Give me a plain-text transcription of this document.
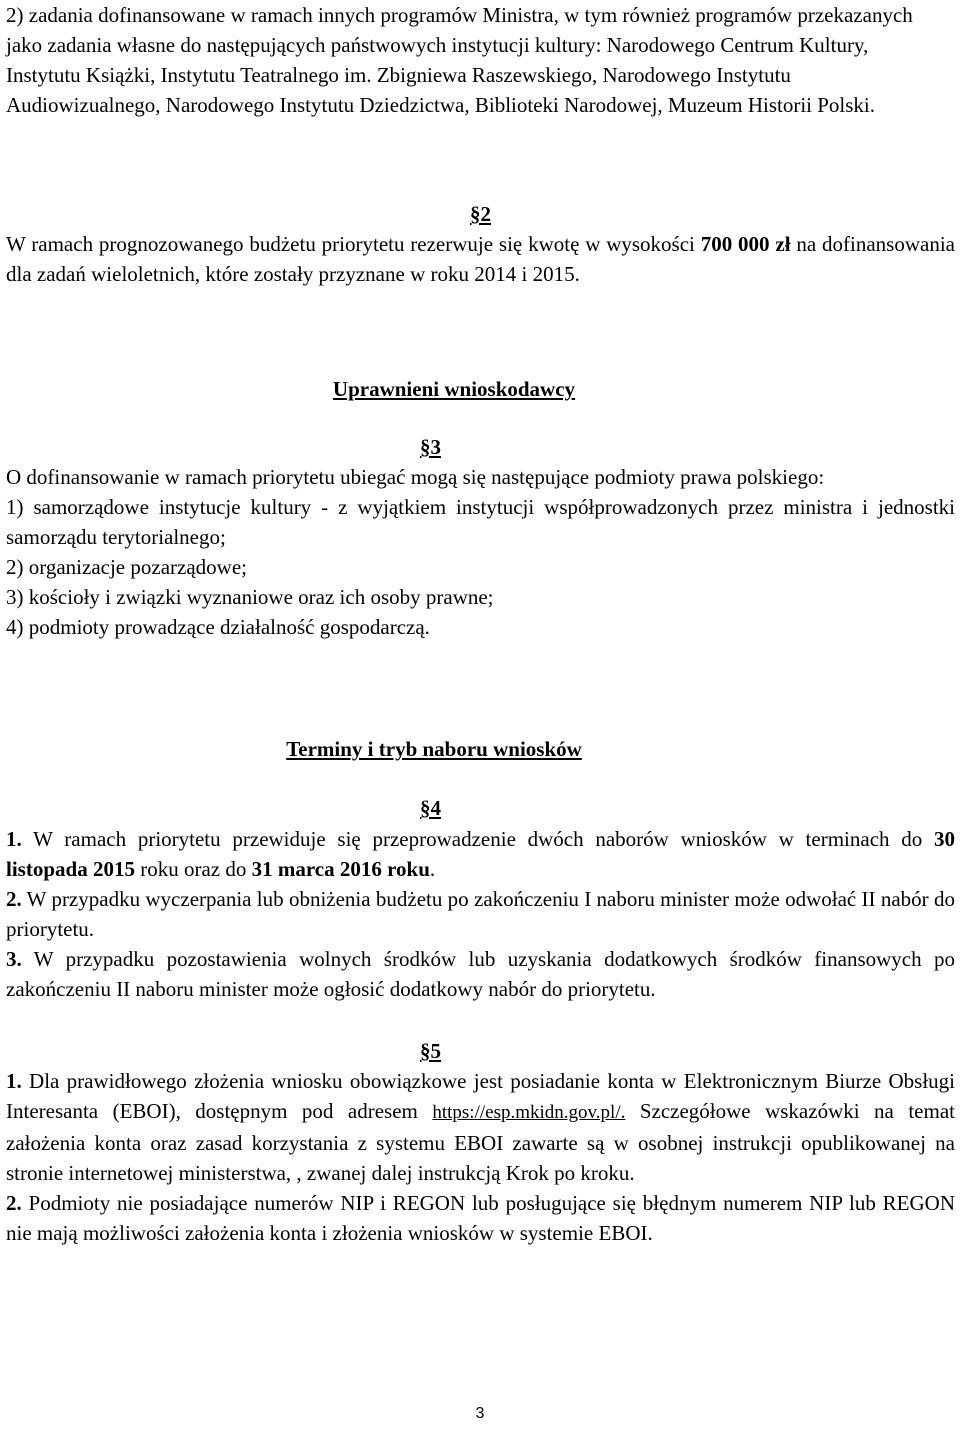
2) zadania dofinansowane w ramach innych programów Ministra, w tym również programów przekazanych jako zadania własne do następujących państwowych instytucji kultury: Narodowego Centrum Kultury, Instytutu Książki, Instytutu Teatralnego im. Zbigniewa Raszewskiego, Narodowego Instytutu Audiowizualnego, Narodowego Instytutu Dziedzictwa, Biblioteki Narodowej, Muzeum Historii Polski.

§2

W ramach prognozowanego budżetu priorytetu rezerwuje się kwotę w wysokości 700 000 zł na dofinansowania dla zadań wieloletnich, które zostały przyznane w roku 2014 i 2015.

Uprawnieni wnioskodawcy

§3

O dofinansowanie w ramach priorytetu ubiegać mogą się następujące podmioty prawa polskiego:

1) samorządowe instytucje kultury - z wyjątkiem instytucji współprowadzonych przez ministra i jednostki samorządu terytorialnego;

2) organizacje pozarządowe;

3) kościoły i związki wyznaniowe oraz ich osoby prawne;

4) podmioty prowadzące działalność gospodarczą.

Terminy i tryb naboru wniosków

§4

1. W ramach priorytetu przewiduje się przeprowadzenie dwóch naborów wniosków w terminach do 30 listopada 2015 roku oraz do 31 marca 2016 roku.

2. W przypadku wyczerpania lub obniżenia budżetu po zakończeniu I naboru minister może odwołać II nabór do priorytetu.

3. W przypadku pozostawienia wolnych środków lub uzyskania dodatkowych środków finansowych po zakończeniu II naboru minister może ogłosić dodatkowy nabór do priorytetu.

§5

1. Dla prawidłowego złożenia wniosku obowiązkowe jest posiadanie konta w Elektronicznym Biurze Obsługi Interesanta (EBOI), dostępnym pod adresem https://esp.mkidn.gov.pl/. Szczegółowe wskazówki na temat założenia konta oraz zasad korzystania z systemu EBOI zawarte są w osobnej instrukcji opublikowanej na stronie internetowej ministerstwa, , zwanej dalej instrukcją Krok po kroku.

2. Podmioty nie posiadające numerów NIP i REGON lub posługujące się błędnym numerem NIP lub REGON nie mają możliwości założenia konta i złożenia wniosków w systemie EBOI.

3
